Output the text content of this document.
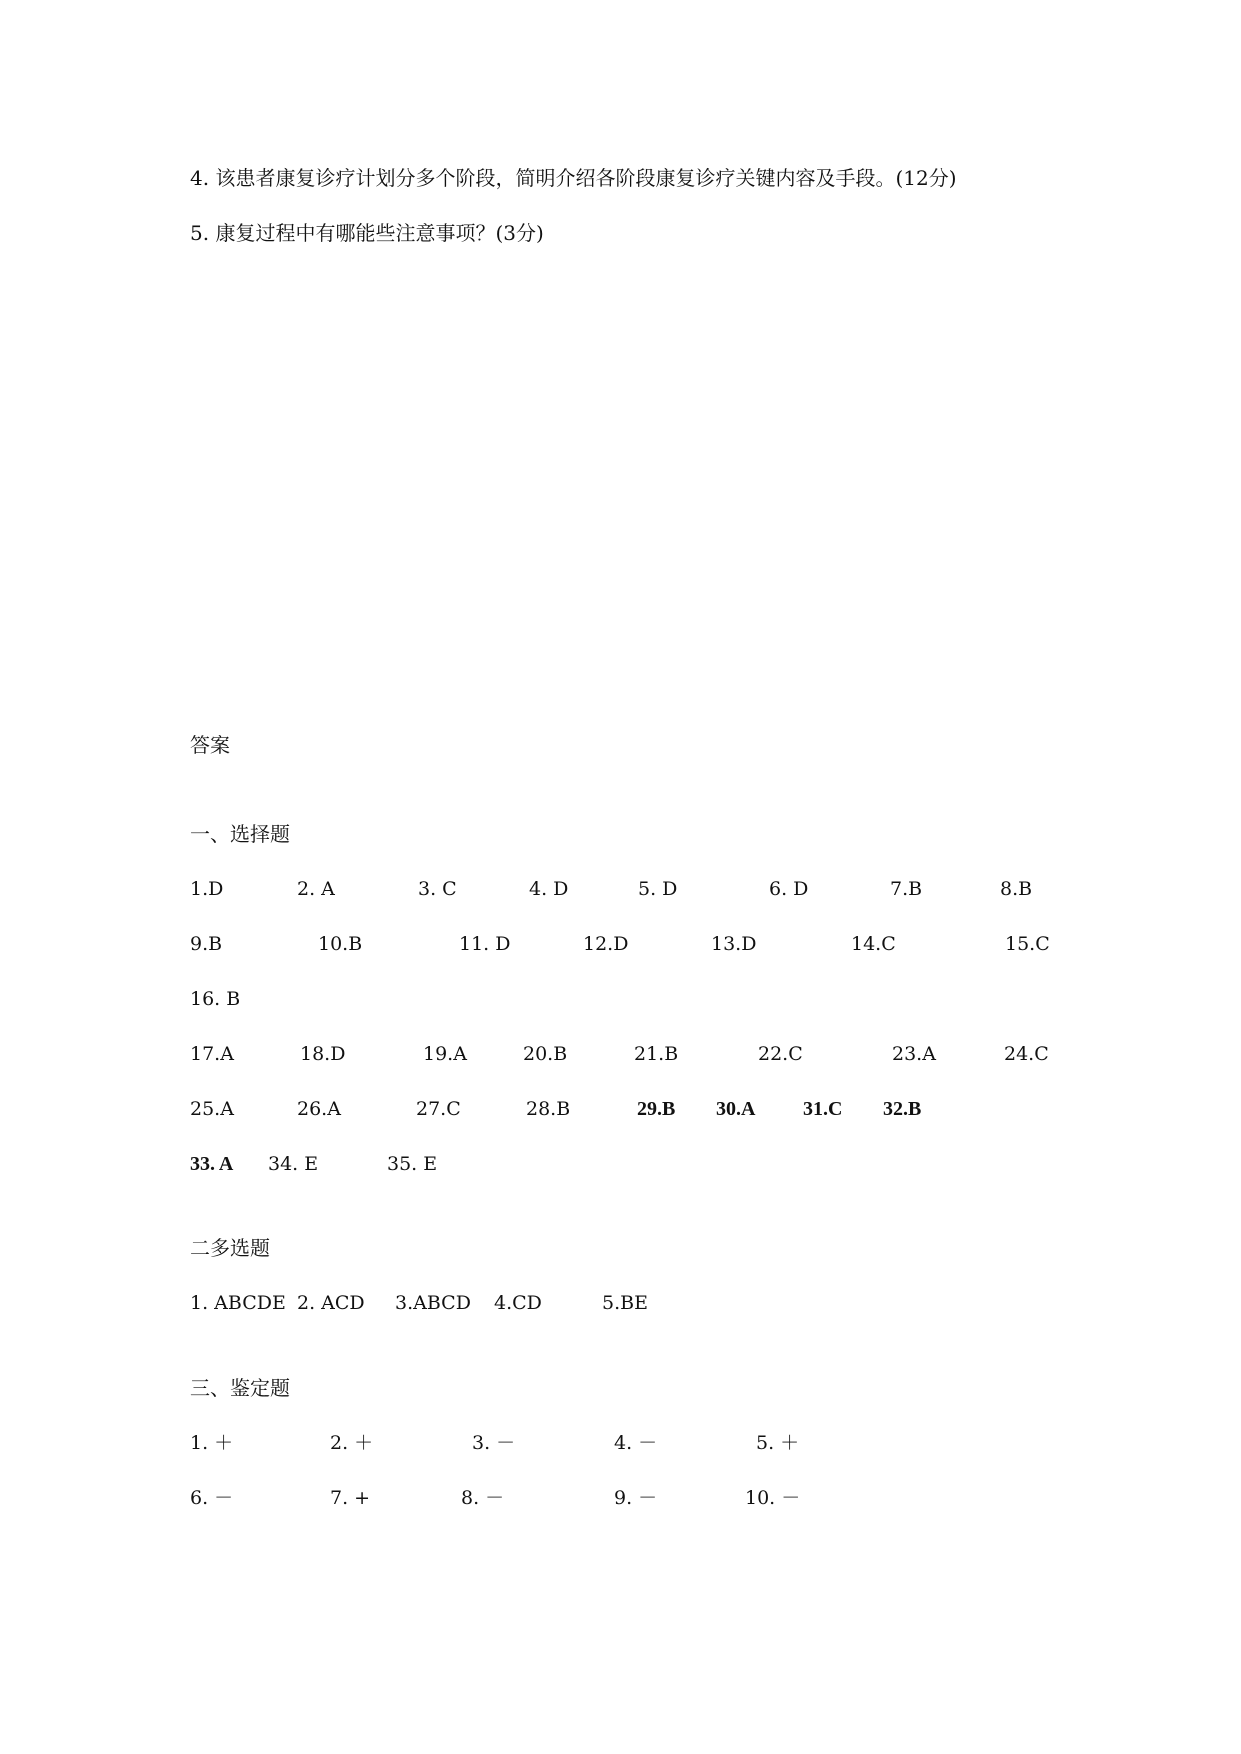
4. 该患者康复诊疗计划分多个阶段，简明介绍各阶段康复诊疗关键内容及手段。(12分)
5. 康复过程中有哪能些注意事项？(3分)
答案
一、选择题
1.D	2. A	3. C	4. D	5. D	6. D	7.B	8.B
9.B	10.B	11. D	12.D	13.D	14.C	15.C
16. B
17.A	18.D	19.A	20.B	21.B	22.C	23.A	24.C
25.A	26.A	27.C	28.B	29.B 30.A 31.C 32.B
33. A 34. E	35. E
二多选题
1. ABCDE 2. ACD 3.ABCD 4.CD	5.BE
三、鉴定题
1. ＋	2. ＋	3. －	4. －	5. ＋
6. －	7. +	8. －	9. －	10. －
